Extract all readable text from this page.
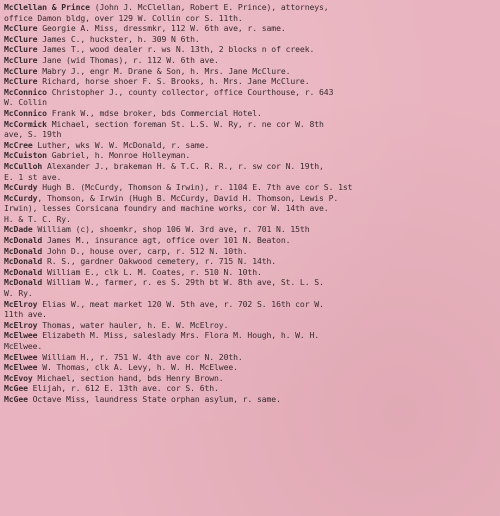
McClellan & Prince (John J. McClellan, Robert E. Prince), attorneys,
office Damon bldg, over 129 W. Collin cor S. 11th.
McClure Georgie A. Miss, dressmkr, 112 W. 6th ave, r. same.
McClure James C., huckster, h. 309 N 6th.
McClure James T., wood dealer r. ws N. 13th, 2 blocks n of creek.
McClure Jane (wid Thomas), r. 112 W. 6th ave.
McClure Mabry J., engr M. Drane & Son, h. Mrs. Jane McClure.
McClure Richard, horse shoer F. S. Brooks, h. Mrs. Jane McClure.
McConnico Christopher J., county collector, office Courthouse, r. 643
W. Collin
McConnico Frank W., mdse broker, bds Commercial Hotel.
McCormick Michael, section foreman St. L.S. W. Ry, r. ne cor W. 8th
ave, S. 19th
McCree Luther, wks W. W. McDonald, r. same.
McCuiston Gabriel, h. Monroe Holleyman.
McCulloh Alexander J., brakeman H. & T.C. R. R., r. sw cor N. 19th,
E. 1 st ave.
McCurdy Hugh B. (McCurdy, Thomson & Irwin), r. 1104 E. 7th ave cor S. 1st
McCurdy, Thomson, & Irwin (Hugh B. McCurdy, David H. Thomson, Lewis P.
Irwin), lesses Corsicana foundry and machine works, cor W. 14th ave.
H. & T. C. Ry.
McDade William (c), shoemkr, shop 106 W. 3rd ave, r. 701 N. 15th
McDonald James M., insurance agt, office over 101 N. Beaton.
McDonald John D., house over, carp, r. 512 N. 10th.
McDonald R. S., gardner Oakwood cemetery, r. 715 N. 14th.
McDonald William E., clk L. M. Coates, r. 510 N. 10th.
McDonald William W., farmer, r. es S. 29th bt W. 8th ave, St. L. S.
W. Ry.
McElroy Elias W., meat market 120 W. 5th ave, r. 702 S. 16th cor W.
11th ave.
McElroy Thomas, water hauler, h. E. W. McElroy.
McElwee Elizabeth M. Miss, saleslady Mrs. Flora M. Hough, h. W. H.
McElwee.
McElwee William H., r. 751 W. 4th ave cor N. 20th.
McElwee W. Thomas, clk A. Levy, h. W. H. McElwee.
McEvoy Michael, section hand, bds Henry Brown.
McGee Elijah, r. 612 E. 13th ave. cor S. 6th.
McGee Octave Miss, laundress State orphan asylum, r. same.
